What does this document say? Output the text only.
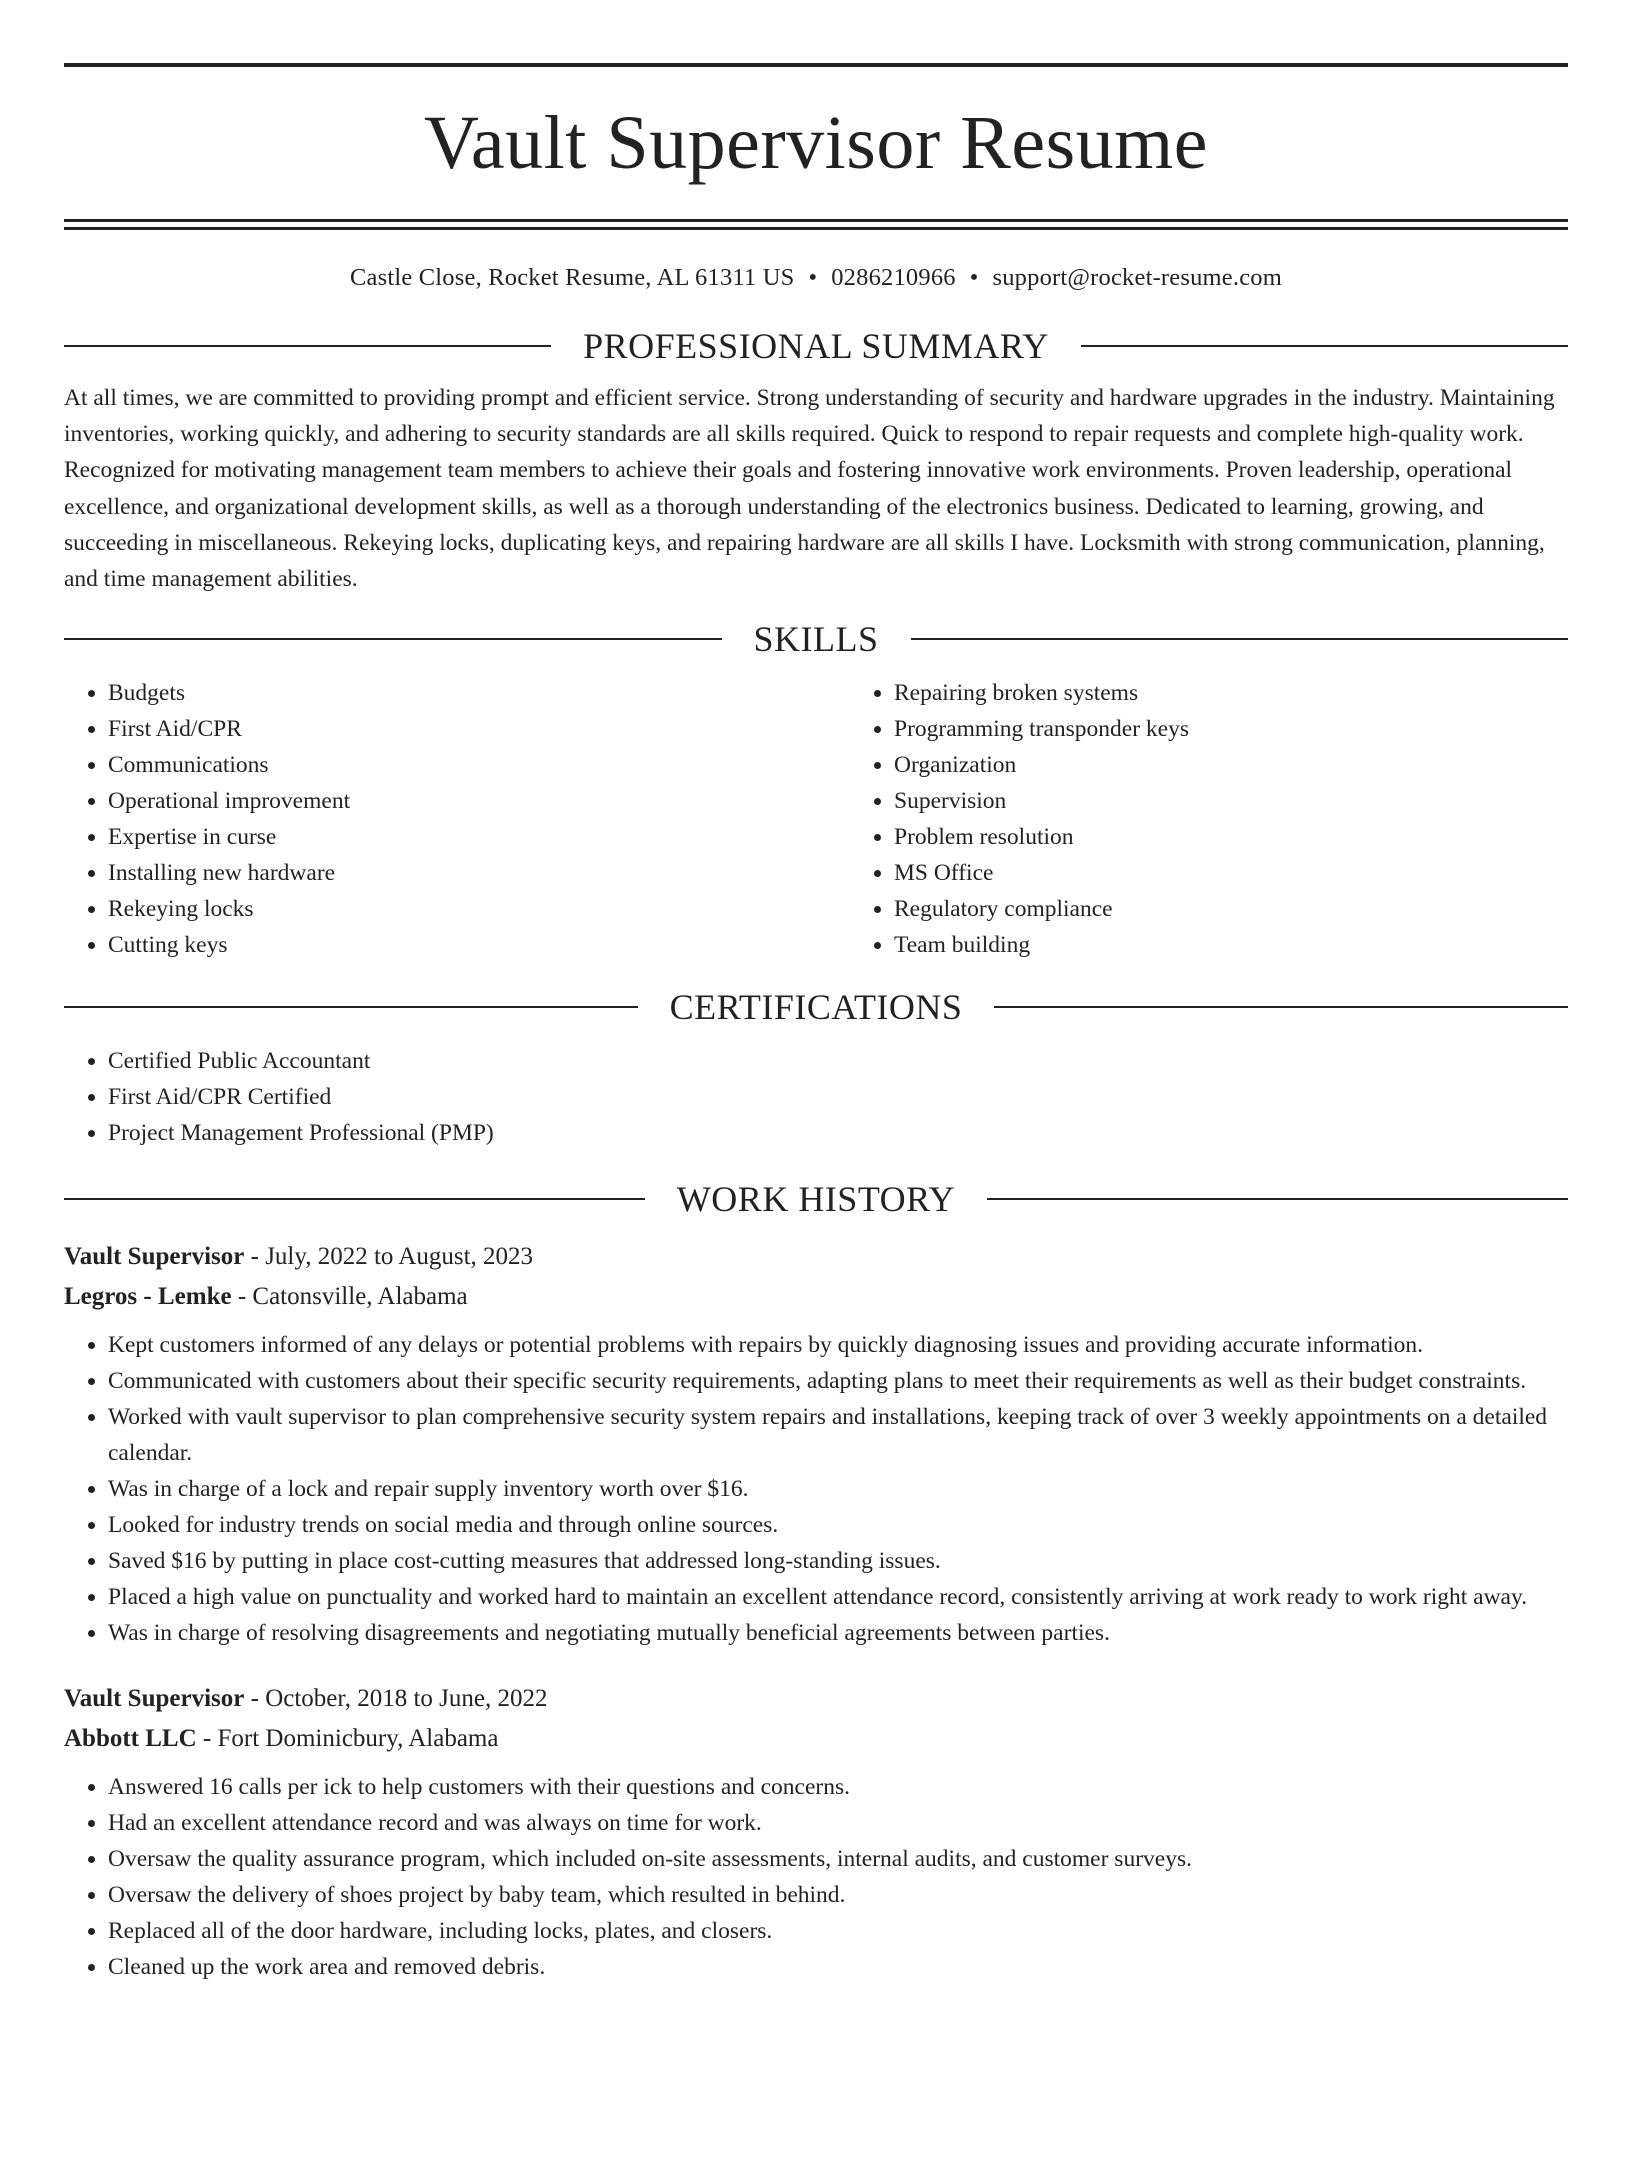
Vault Supervisor Resume
Castle Close, Rocket Resume, AL 61311 US • 0286210966 • support@rocket-resume.com
PROFESSIONAL SUMMARY

At all times, we are committed to providing prompt and efficient service. Strong understanding of security and hardware upgrades in the industry. Maintaining inventories, working quickly, and adhering to security standards are all skills required. Quick to respond to repair requests and complete high-quality work. Recognized for motivating management team members to achieve their goals and fostering innovative work environments. Proven leadership, operational excellence, and organizational development skills, as well as a thorough understanding of the electronics business. Dedicated to learning, growing, and succeeding in miscellaneous. Rekeying locks, duplicating keys, and repairing hardware are all skills I have. Locksmith with strong communication, planning, and time management abilities.

SKILLS
• Budgets
• First Aid/CPR
• Communications
• Operational improvement
• Expertise in curse
• Installing new hardware
• Rekeying locks
• Cutting keys
• Repairing broken systems
• Programming transponder keys
• Organization
• Supervision
• Problem resolution
• MS Office
• Regulatory compliance
• Team building
CERTIFICATIONS
• Certified Public Accountant
• First Aid/CPR Certified
• Project Management Professional (PMP)
WORK HISTORY
Vault Supervisor - July, 2022 to August, 2023
Legros - Lemke - Catonsville, Alabama
• Kept customers informed of any delays or potential problems with repairs by quickly diagnosing issues and providing accurate information.
• Communicated with customers about their specific security requirements, adapting plans to meet their requirements as well as their budget constraints.
• Worked with vault supervisor to plan comprehensive security system repairs and installations, keeping track of over 3 weekly appointments on a detailed calendar.
• Was in charge of a lock and repair supply inventory worth over $16.
• Looked for industry trends on social media and through online sources.
• Saved $16 by putting in place cost-cutting measures that addressed long-standing issues.
• Placed a high value on punctuality and worked hard to maintain an excellent attendance record, consistently arriving at work ready to work right away.
• Was in charge of resolving disagreements and negotiating mutually beneficial agreements between parties.
Vault Supervisor - October, 2018 to June, 2022
Abbott LLC - Fort Dominicbury, Alabama
• Answered 16 calls per ick to help customers with their questions and concerns.
• Had an excellent attendance record and was always on time for work.
• Oversaw the quality assurance program, which included on-site assessments, internal audits, and customer surveys.
• Oversaw the delivery of shoes project by baby team, which resulted in behind.
• Replaced all of the door hardware, including locks, plates, and closers.
• Cleaned up the work area and removed debris.
